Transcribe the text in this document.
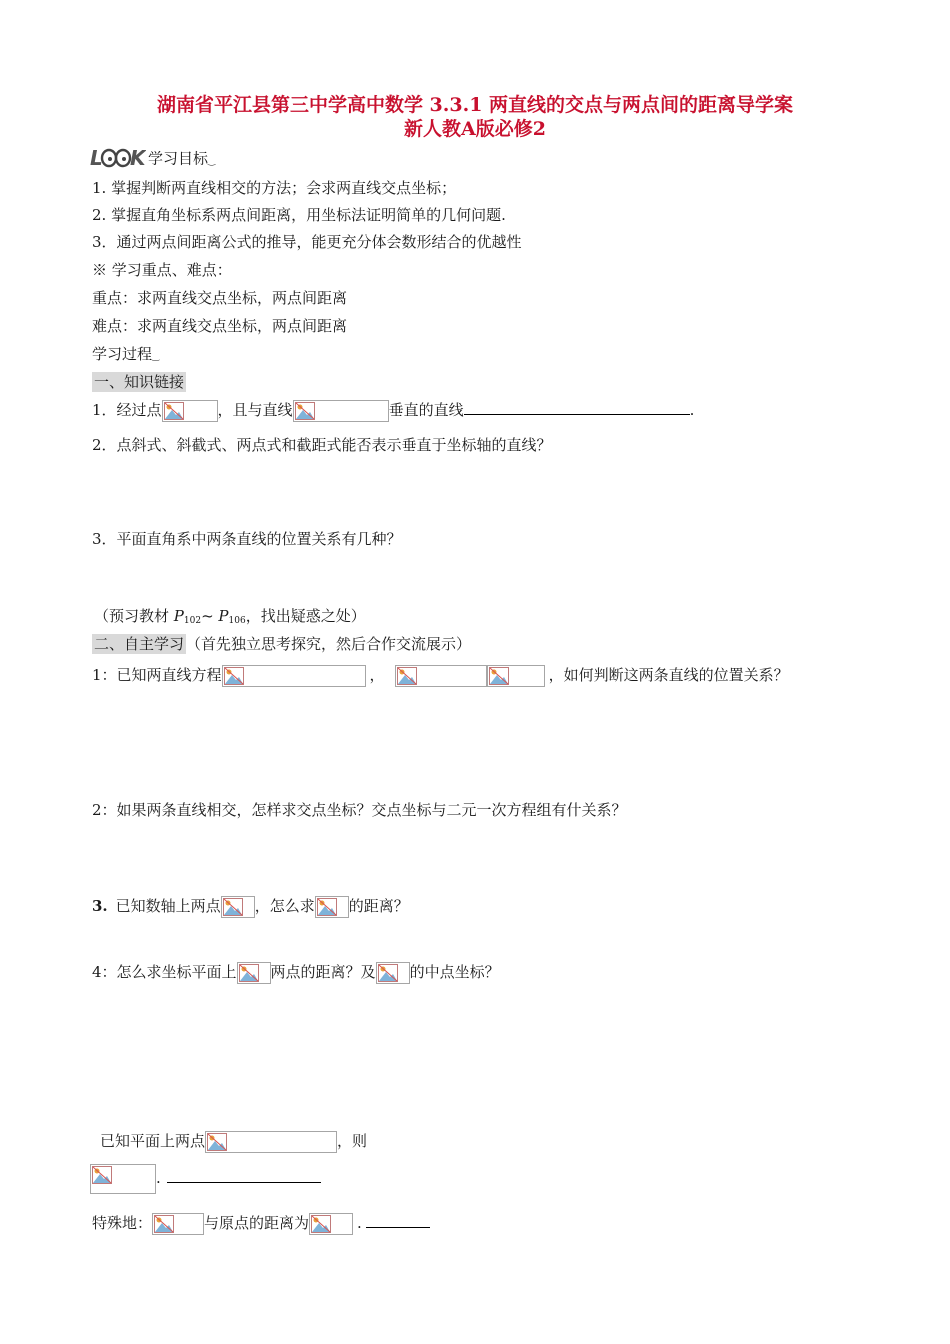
湖南省平江县第三中学高中数学 3.3.1 两直线的交点与两点间的距离导学案
新人教A版必修2
L K 学习目标‿
1. 掌握判断两直线相交的方法；会求两直线交点坐标；
2. 掌握直角坐标系两点间距离，用坐标法证明简单的几何问题.
3．通过两点间距离公式的推导，能更充分体会数形结合的优越性
※ 学习重点、难点：
重点：求两直线交点坐标，两点间距离
难点：求两直线交点坐标，两点间距离
学习过程‿
一、知识链接
1．经过点	，且与直线	垂直的直线	.
2．点斜式、斜截式、两点式和截距式能否表示垂直于坐标轴的直线？
3．平面直角系中两条直线的位置关系有几种？
（预习教材 $P_{102}\sim$ $P_{106}$，找出疑惑之处）
二、自主学习 （首先独立思考探究，然后合作交流展示）
1：已知两直线方程	，	，如何判断这两条直线的位置关系？
2：如果两条直线相交，怎样求交点坐标？交点坐标与二元一次方程组有什关系？
3. 已知数轴上两点 ，怎么求 的距离？
4：怎么求坐标平面上 两点的距离？及 的中点坐标？
已知平面上两点	，则
.
特殊地：	与原点的距离为	.
